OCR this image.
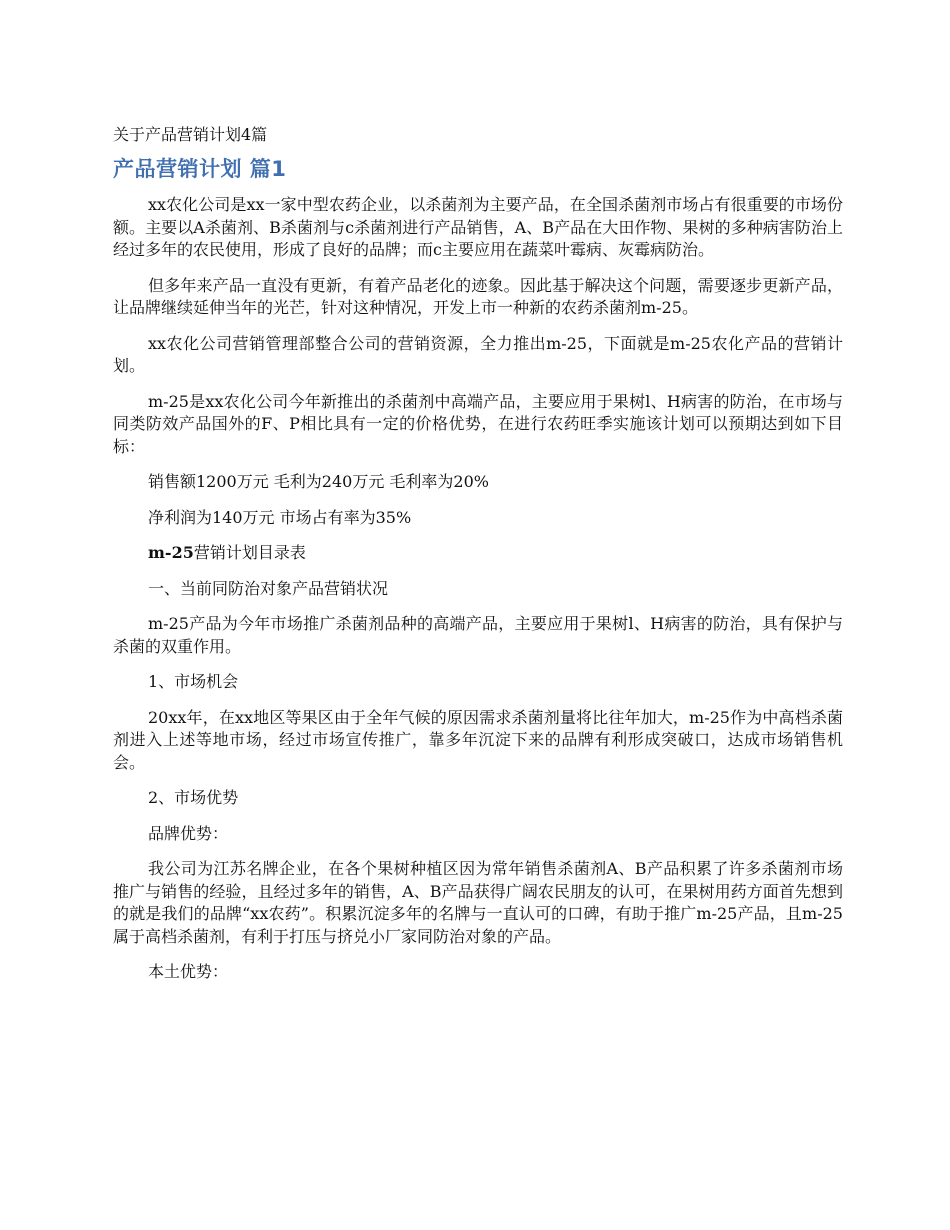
关于产品营销计划4篇

产品营销计划 篇1

xx农化公司是xx一家中型农药企业，以杀菌剂为主要产品，在全国杀菌剂市场占有很重要的市场份额。主要以A杀菌剂、B杀菌剂与c杀菌剂进行产品销售，A、B产品在大田作物、果树的多种病害防治上经过多年的农民使用，形成了良好的品牌；而c主要应用在蔬菜叶霉病、灰霉病防治。

但多年来产品一直没有更新，有着产品老化的迹象。因此基于解决这个问题，需要逐步更新产品，让品牌继续延伸当年的光芒，针对这种情况，开发上市一种新的农药杀菌剂m-25。

xx农化公司营销管理部整合公司的营销资源，全力推出m-25，下面就是m-25农化产品的营销计划。

m-25是xx农化公司今年新推出的杀菌剂中高端产品，主要应用于果树l、H病害的防治，在市场与同类防效产品国外的F、P相比具有一定的价格优势，在进行农药旺季实施该计划可以预期达到如下目标：

销售额1200万元 毛利为240万元 毛利率为20%

净利润为140万元 市场占有率为35%

m-25营销计划目录表

一、当前同防治对象产品营销状况

m-25产品为今年市场推广杀菌剂品种的高端产品，主要应用于果树l、H病害的防治，具有保护与杀菌的双重作用。

1、市场机会

20xx年，在xx地区等果区由于全年气候的原因需求杀菌剂量将比往年加大，m-25作为中高档杀菌剂进入上述等地市场，经过市场宣传推广，靠多年沉淀下来的品牌有利形成突破口，达成市场销售机会。

2、市场优势

品牌优势：

我公司为江苏名牌企业，在各个果树种植区因为常年销售杀菌剂A、B产品积累了许多杀菌剂市场推广与销售的经验，且经过多年的销售，A、B产品获得广阔农民朋友的认可，在果树用药方面首先想到的就是我们的品牌“xx农药”。积累沉淀多年的名牌与一直认可的口碑，有助于推广m-25产品，且m-25属于高档杀菌剂，有利于打压与挤兑小厂家同防治对象的产品。

本土优势：
